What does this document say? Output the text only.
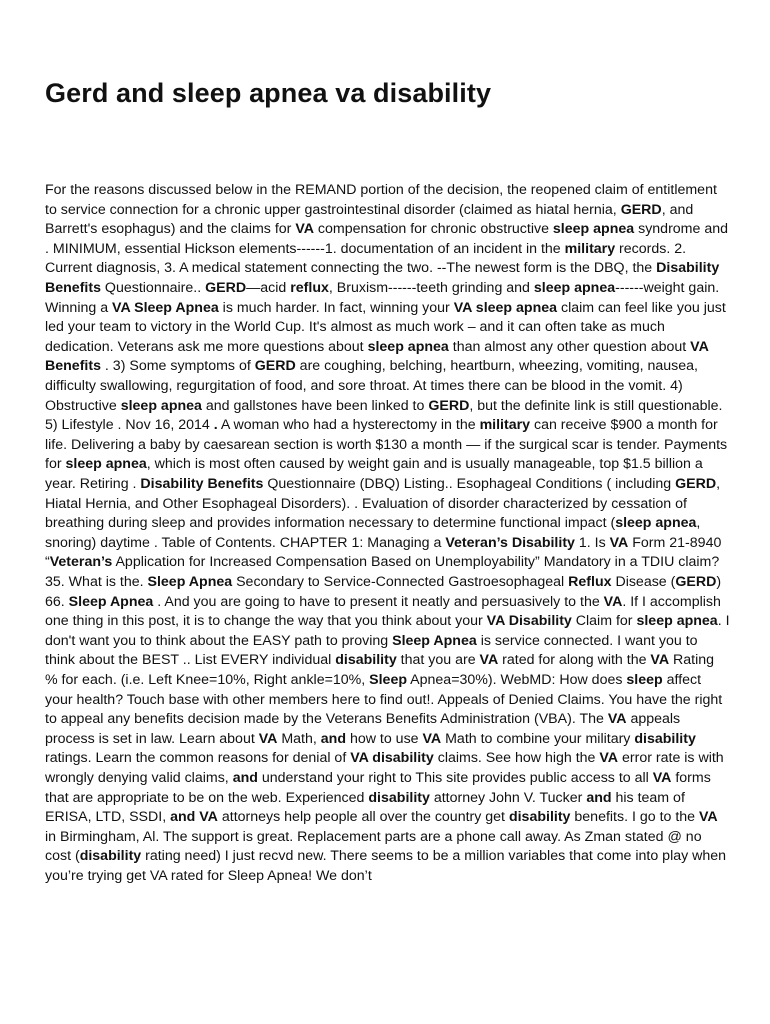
Gerd and sleep apnea va disability
For the reasons discussed below in the REMAND portion of the decision, the reopened claim of entitlement to service connection for a chronic upper gastrointestinal disorder (claimed as hiatal hernia, GERD, and Barrett's esophagus) and the claims for VA compensation for chronic obstructive sleep apnea syndrome and . MINIMUM, essential Hickson elements------1. documentation of an incident in the military records. 2. Current diagnosis, 3. A medical statement connecting the two. --The newest form is the DBQ, the Disability Benefits Questionnaire.. GERD—acid reflux, Bruxism------teeth grinding and sleep apnea------weight gain. Winning a VA Sleep Apnea is much harder. In fact, winning your VA sleep apnea claim can feel like you just led your team to victory in the World Cup. It's almost as much work – and it can often take as much dedication. Veterans ask me more questions about sleep apnea than almost any other question about VA Benefits . 3) Some symptoms of GERD are coughing, belching, heartburn, wheezing, vomiting, nausea, difficulty swallowing, regurgitation of food, and sore throat. At times there can be blood in the vomit. 4) Obstructive sleep apnea and gallstones have been linked to GERD, but the definite link is still questionable. 5) Lifestyle . Nov 16, 2014 . A woman who had a hysterectomy in the military can receive $900 a month for life. Delivering a baby by caesarean section is worth $130 a month — if the surgical scar is tender. Payments for sleep apnea, which is most often caused by weight gain and is usually manageable, top $1.5 billion a year. Retiring . Disability Benefits Questionnaire (DBQ) Listing.. Esophageal Conditions ( including GERD, Hiatal Hernia, and Other Esophageal Disorders). . Evaluation of disorder characterized by cessation of breathing during sleep and provides information necessary to determine functional impact (sleep apnea, snoring) daytime . Table of Contents. CHAPTER 1: Managing a Veteran’s Disability 1. Is VA Form 21-8940 “Veteran’s Application for Increased Compensation Based on Unemployability” Mandatory in a TDIU claim? 35. What is the. Sleep Apnea Secondary to Service-Connected Gastroesophageal Reflux Disease (GERD) 66. Sleep Apnea . And you are going to have to present it neatly and persuasively to the VA. If I accomplish one thing in this post, it is to change the way that you think about your VA Disability Claim for sleep apnea. I don't want you to think about the EASY path to proving Sleep Apnea is service connected. I want you to think about the BEST .. List EVERY individual disability that you are VA rated for along with the VA Rating % for each. (i.e. Left Knee=10%, Right ankle=10%, Sleep Apnea=30%). WebMD: How does sleep affect your health? Touch base with other members here to find out!. Appeals of Denied Claims. You have the right to appeal any benefits decision made by the Veterans Benefits Administration (VBA). The VA appeals process is set in law. Learn about VA Math, and how to use VA Math to combine your military disability ratings. Learn the common reasons for denial of VA disability claims. See how high the VA error rate is with wrongly denying valid claims, and understand your right to This site provides public access to all VA forms that are appropriate to be on the web. Experienced disability attorney John V. Tucker and his team of ERISA, LTD, SSDI, and VA attorneys help people all over the country get disability benefits. I go to the VA in Birmingham, Al. The support is great. Replacement parts are a phone call away. As Zman stated @ no cost (disability rating need) I just recvd new. There seems to be a million variables that come into play when you’re trying get VA rated for Sleep Apnea! We don’t
